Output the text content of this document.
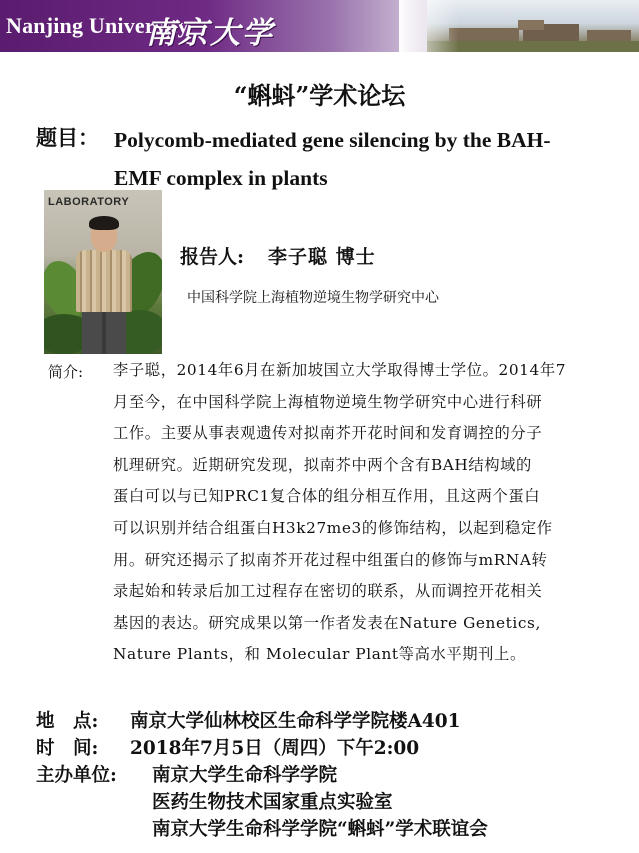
Nanjing University
南京大学
“蝌蚪”学术论坛
题目： Polycomb-mediated gene silencing by the BAH-
EMF complex in plants
LABORATORY
报告人: 李子聪 博士
中国科学院上海植物逆境生物学研究中心
简介: 李子聪，2014年6月在新加坡国立大学取得博士学位。2014年7
月至今，在中国科学院上海植物逆境生物学研究中心进行科研
工作。主要从事表观遗传对拟南芥开花时间和发育调控的分子
机理研究。近期研究发现，拟南芥中两个含有BAH结构域的
蛋白可以与已知PRC1复合体的组分相互作用，且这两个蛋白
可以识别并结合组蛋白H3k27me3的修饰结构，以起到稳定作
用。研究还揭示了拟南芥开花过程中组蛋白的修饰与mRNA转
录起始和转录后加工过程存在密切的联系，从而调控开花相关
基因的表达。研究成果以第一作者发表在Nature Genetics,
Nature Plants，和 Molecular Plant等高水平期刊上。
地　点: 南京大学仙林校区生命科学学院楼A401
时　间: 2018年7月5日（周四）下午2:00
主办单位: 南京大学生命科学学院
医药生物技术国家重点实验室
南京大学生命科学学院“蝌蚪”学术联谊会
